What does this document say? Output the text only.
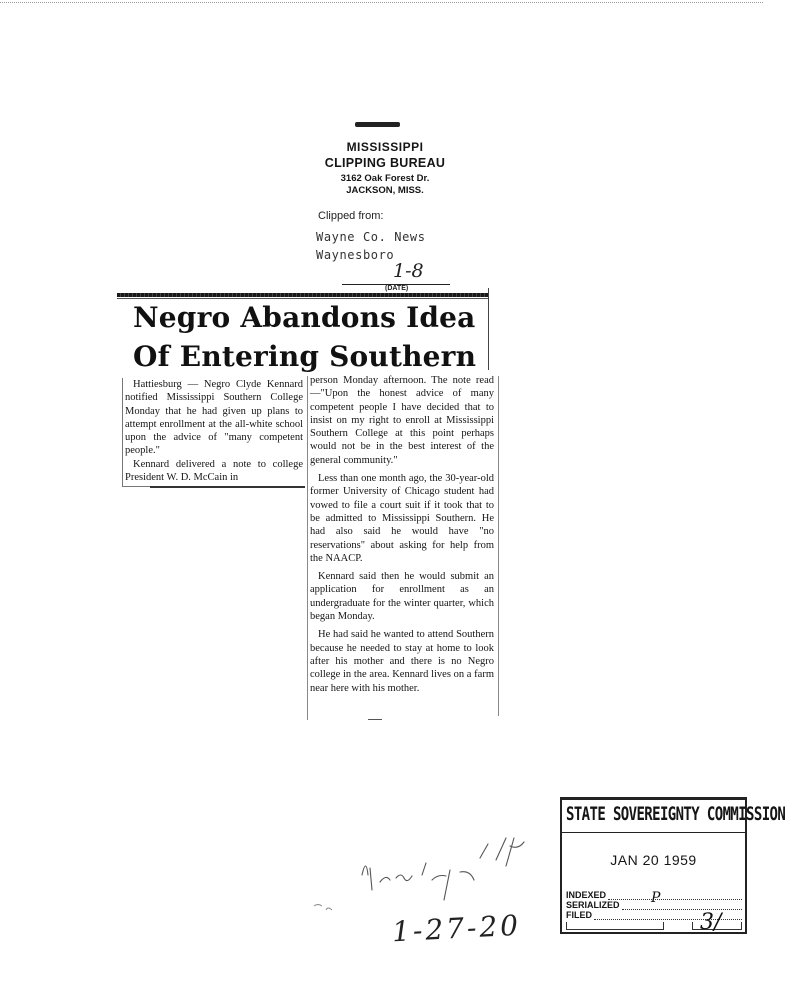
MISSISSIPPI
CLIPPING BUREAU
3162 Oak Forest Dr.
JACKSON, MISS.
Clipped from:
Wayne Co. News
Waynesboro
1-8
(DATE)
Negro Abandons Idea
Of Entering Southern

Hattiesburg — Negro Clyde Kennard notified Mississippi Southern College Monday that he had given up plans to attempt enrollment at the all-white school upon the advice of "many competent people."

Kennard delivered a note to college President W. D. McCain in

person Monday afternoon. The note read—"Upon the honest advice of many competent people I have decided that to insist on my right to enroll at Mississippi Southern College at this point perhaps would not be in the best interest of the general community."

Less than one month ago, the 30-year-old former University of Chicago student had vowed to file a court suit if it took that to be admitted to Mississippi Southern. He had also said he would have "no reservations" about asking for help from the NAACP.

Kennard said then he would submit an application for enrollment as an undergraduate for the winter quarter, which began Monday.

He had said he wanted to attend Southern because he needed to stay at home to look after his mother and there is no Negro college in the area. Kennard lives on a farm near here with his mother.

1-27-20
STATE SOVEREIGNTY COMMISSION
JAN 20 1959
INDEXED
SERIALIZED
FILED
P
3/
